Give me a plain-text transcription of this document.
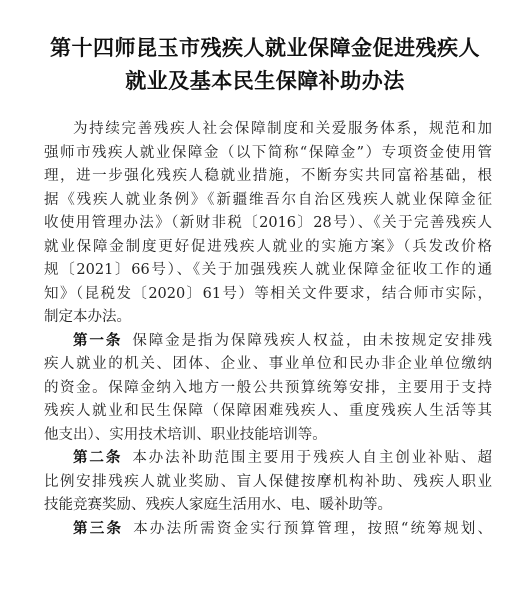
第十四师昆玉市残疾人就业保障金促进残疾人
就业及基本民生保障补助办法
为持续完善残疾人社会保障制度和关爱服务体系，规范和加
强师市残疾人就业保障金（以下简称“保障金”）专项资金使用管
理，进一步强化残疾人稳就业措施，不断夯实共同富裕基础，根
据《残疾人就业条例》《新疆维吾尔自治区残疾人就业保障金征
收使用管理办法》（新财非税〔2016〕28号）、《关于完善残疾人
就业保障金制度更好促进残疾人就业的实施方案》（兵发改价格
规〔2021〕66号）、《关于加强残疾人就业保障金征收工作的通
知》（昆税发〔2020〕61号）等相关文件要求，结合师市实际，
制定本办法。
第一条 保障金是指为保障残疾人权益，由未按规定安排残
疾人就业的机关、团体、企业、事业单位和民办非企业单位缴纳
的资金。保障金纳入地方一般公共预算统筹安排，主要用于支持
残疾人就业和民生保障（保障困难残疾人、重度残疾人生活等其
他支出）、实用技术培训、职业技能培训等。
第二条 本办法补助范围主要用于残疾人自主创业补贴、超
比例安排残疾人就业奖励、盲人保健按摩机构补助、残疾人职业
技能竞赛奖励、残疾人家庭生活用水、电、暖补助等。
第三条 本办法所需资金实行预算管理，按照“统筹规划、
